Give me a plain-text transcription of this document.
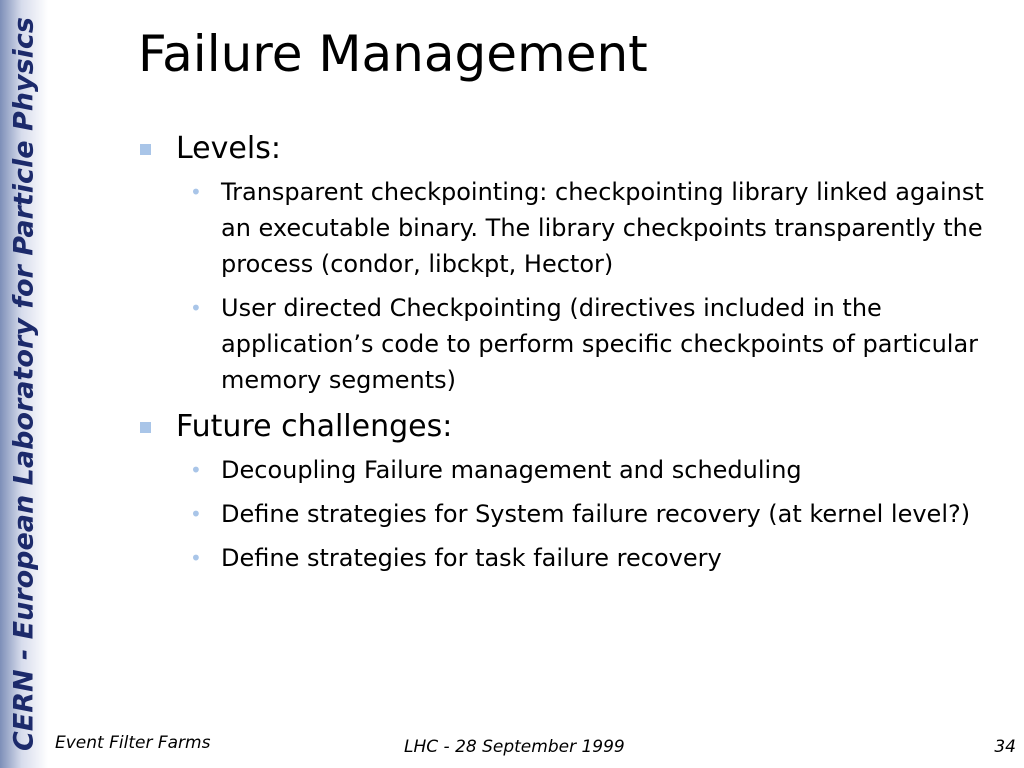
CERN - European Laboratory for Particle Physics Failure Management
Levels:
• Transparent checkpointing: checkpointing library linked against an executable binary. The library checkpoints transparently the process (condor, libckpt, Hector)
• User directed Checkpointing (directives included in the application’s code to perform specific checkpoints of particular memory segments)
Future challenges:
• Decoupling Failure management and scheduling
• Define strategies for System failure recovery (at kernel level?)
• Define strategies for task failure recovery
Event Filter Farms	LHC - 28 September 1999	34
